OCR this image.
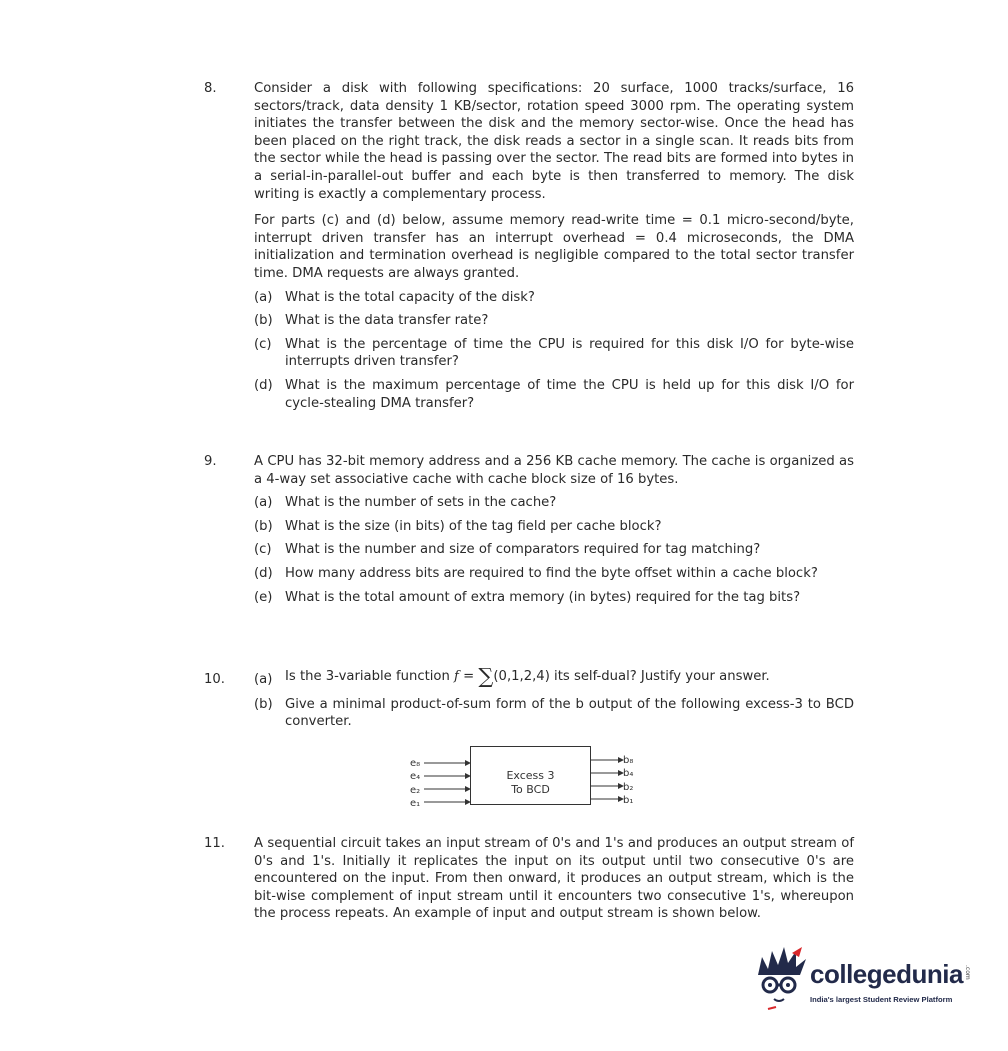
8.	Consider a disk with following specifications: 20 surface, 1000 tracks/surface, 16 sectors/track, data density 1 KB/sector, rotation speed 3000 rpm. The operating system initiates the transfer between the disk and the memory sector-wise. Once the head has been placed on the right track, the disk reads a sector in a single scan. It reads bits from the sector while the head is passing over the sector. The read bits are formed into bytes in a serial-in-parallel-out buffer and each byte is then transferred to memory. The disk writing is exactly a complementary process.

For parts (c) and (d) below, assume memory read-write time = 0.1 micro-second/byte, interrupt driven transfer has an interrupt overhead = 0.4 microseconds, the DMA initialization and termination overhead is negligible compared to the total sector transfer time. DMA requests are always granted.

(a) What is the total capacity of the disk?
(b) What is the data transfer rate?
(c)	What is the percentage of time the CPU is required for this disk I/O for byte-wise interrupts driven transfer?
(d) What is the maximum percentage of time the CPU is held up for this disk I/O for cycle-stealing DMA transfer?
9.	A CPU has 32-bit memory address and a 256 KB cache memory. The cache is organized as a 4-way set associative cache with cache block size of 16 bytes.

(a) What is the number of sets in the cache?
(b) What is the size (in bits) of the tag field per cache block?
(c)	What is the number and size of comparators required for tag matching?
(d) How many address bits are required to find the byte offset within a cache block?
(e) What is the total amount of extra memory (in bytes) required for the tag bits?
10. (a) Is the 3-variable function f = ∑(0,1,2,4) its self-dual? Justify your answer.
(b) Give a minimal product-of-sum form of the b output of the following excess-3 to BCD converter.
e₈
e₄
e₂
e₁
Excess 3
To BCD
b₈
b₄
b₂
b₁
11. A sequential circuit takes an input stream of 0's and 1's and produces an output stream of 0's and 1's. Initially it replicates the input on its output until two consecutive 0's are encountered on the input. From then onward, it produces an output stream, which is the bit-wise complement of input stream until it encounters two consecutive 1's, whereupon the process repeats. An example of input and output stream is shown below.

collegedunia .com
India's largest Student Review Platform
